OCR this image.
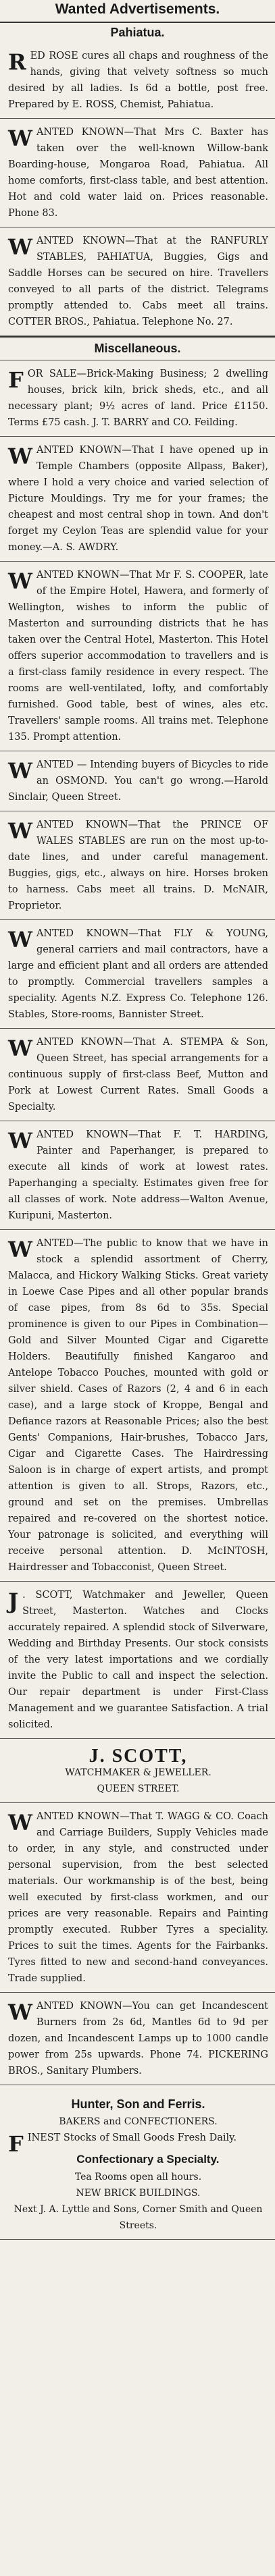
Wanted Advertisements.
Pahiatua.

RED ROSE cures all chaps and roughness of the hands, giving that velvety softness so much desired by all ladies. Is 6d a bottle, post free. Prepared by E. ROSS, Chemist, Pahiatua.

WANTED KNOWN—That Mrs C. Baxter has taken over the well-known Willow-bank Boarding-house, Mongaroa Road, Pahiatua. All home comforts, first-class table, and best attention. Hot and cold water laid on. Prices reasonable. Phone 83.

WANTED KNOWN—That at the RANFURLY STABLES, PAHIATUA, Buggies, Gigs and Saddle Horses can be secured on hire. Travellers conveyed to all parts of the district. Telegrams promptly attended to. Cabs meet all trains. COTTER BROS., Pahiatua. Telephone No. 27.

Miscellaneous.

FOR SALE—Brick-Making Business; 2 dwelling houses, brick kiln, brick sheds, etc., and all necessary plant; 9½ acres of land. Price £1150. Terms £75 cash. J. T. BARRY and CO. Feilding.

WANTED KNOWN—That I have opened up in Temple Chambers (opposite Allpass, Baker), where I hold a very choice and varied selection of Picture Mouldings. Try me for your frames; the cheapest and most central shop in town. And don't forget my Ceylon Teas are splendid value for your money.—A. S. AWDRY.

WANTED KNOWN—That Mr F. S. COOPER, late of the Empire Hotel, Hawera, and formerly of Wellington, wishes to inform the public of Masterton and surrounding districts that he has taken over the Central Hotel, Masterton. This Hotel offers superior accommodation to travellers and is a first-class family residence in every respect. The rooms are well-ventilated, lofty, and comfortably furnished. Good table, best of wines, ales etc. Travellers' sample rooms. All trains met. Telephone 135. Prompt attention.

WANTED — Intending buyers of Bicycles to ride an OSMOND. You can't go wrong.—Harold Sinclair, Queen Street.

WANTED KNOWN—That the PRINCE OF WALES STABLES are run on the most up-to-date lines, and under careful management. Buggies, gigs, etc., always on hire. Horses broken to harness. Cabs meet all trains. D. McNAIR, Proprietor.

WANTED KNOWN—That FLY & YOUNG, general carriers and mail contractors, have a large and efficient plant and all orders are attended to promptly. Commercial travellers samples a speciality. Agents N.Z. Express Co. Telephone 126. Stables, Store-rooms, Bannister Street.

WANTED KNOWN—That A. STEMPA & Son, Queen Street, has special arrangements for a continuous supply of first-class Beef, Mutton and Pork at Lowest Current Rates. Small Goods a Specialty.

WANTED KNOWN—That F. T. HARDING, Painter and Paperhanger, is prepared to execute all kinds of work at lowest rates. Paperhanging a specialty. Estimates given free for all classes of work. Note address—Walton Avenue, Kuripuni, Masterton.

WANTED—The public to know that we have in stock a splendid assortment of Cherry, Malacca, and Hickory Walking Sticks. Great variety in Loewe Case Pipes and all other popular brands of case pipes, from 8s 6d to 35s. Special prominence is given to our Pipes in Combination—Gold and Silver Mounted Cigar and Cigarette Holders. Beautifully finished Kangaroo and Antelope Tobacco Pouches, mounted with gold or silver shield. Cases of Razors (2, 4 and 6 in each case), and a large stock of Kroppe, Bengal and Defiance razors at Reasonable Prices; also the best Gents' Companions, Hair-brushes, Tobacco Jars, Cigar and Cigarette Cases. The Hairdressing Saloon is in charge of expert artists, and prompt attention is given to all. Strops, Razors, etc., ground and set on the premises. Umbrellas repaired and re-covered on the shortest notice. Your patronage is solicited, and everything will receive personal attention. D. McINTOSH, Hairdresser and Tobacconist, Queen Street.

J . SCOTT, Watchmaker and Jeweller, Queen Street, Masterton. Watches and Clocks accurately repaired. A splendid stock of Silverware, Wedding and Birthday Presents. Our stock consists of the very latest importations and we cordially invite the Public to call and inspect the selection. Our repair department is under First-Class Management and we guarantee Satisfaction. A trial solicited.

J. SCOTT,
WATCHMAKER & JEWELLER.
QUEEN STREET.

WANTED KNOWN—That T. WAGG & CO. Coach and Carriage Builders, Supply Vehicles made to order, in any style, and constructed under personal supervision, from the best selected materials. Our workmanship is of the best, being well executed by first-class workmen, and our prices are very reasonable. Repairs and Painting promptly executed. Rubber Tyres a speciality. Prices to suit the times. Agents for the Fairbanks. Tyres fitted to new and second-hand conveyances. Trade supplied.

WANTED KNOWN—You can get Incandescent Burners from 2s 6d, Mantles 6d to 9d per dozen, and Incandescent Lamps up to 1000 candle power from 25s upwards. Phone 74. PICKERING BROS., Sanitary Plumbers.

Hunter, Son and Ferris.
BAKERS and CONFECTIONERS.

FINEST Stocks of Small Goods Fresh Daily.

Confectionary a Specialty.
Tea Rooms open all hours.
NEW BRICK BUILDINGS.
Next J. A. Lyttle and Sons, Corner Smith and Queen Streets.
